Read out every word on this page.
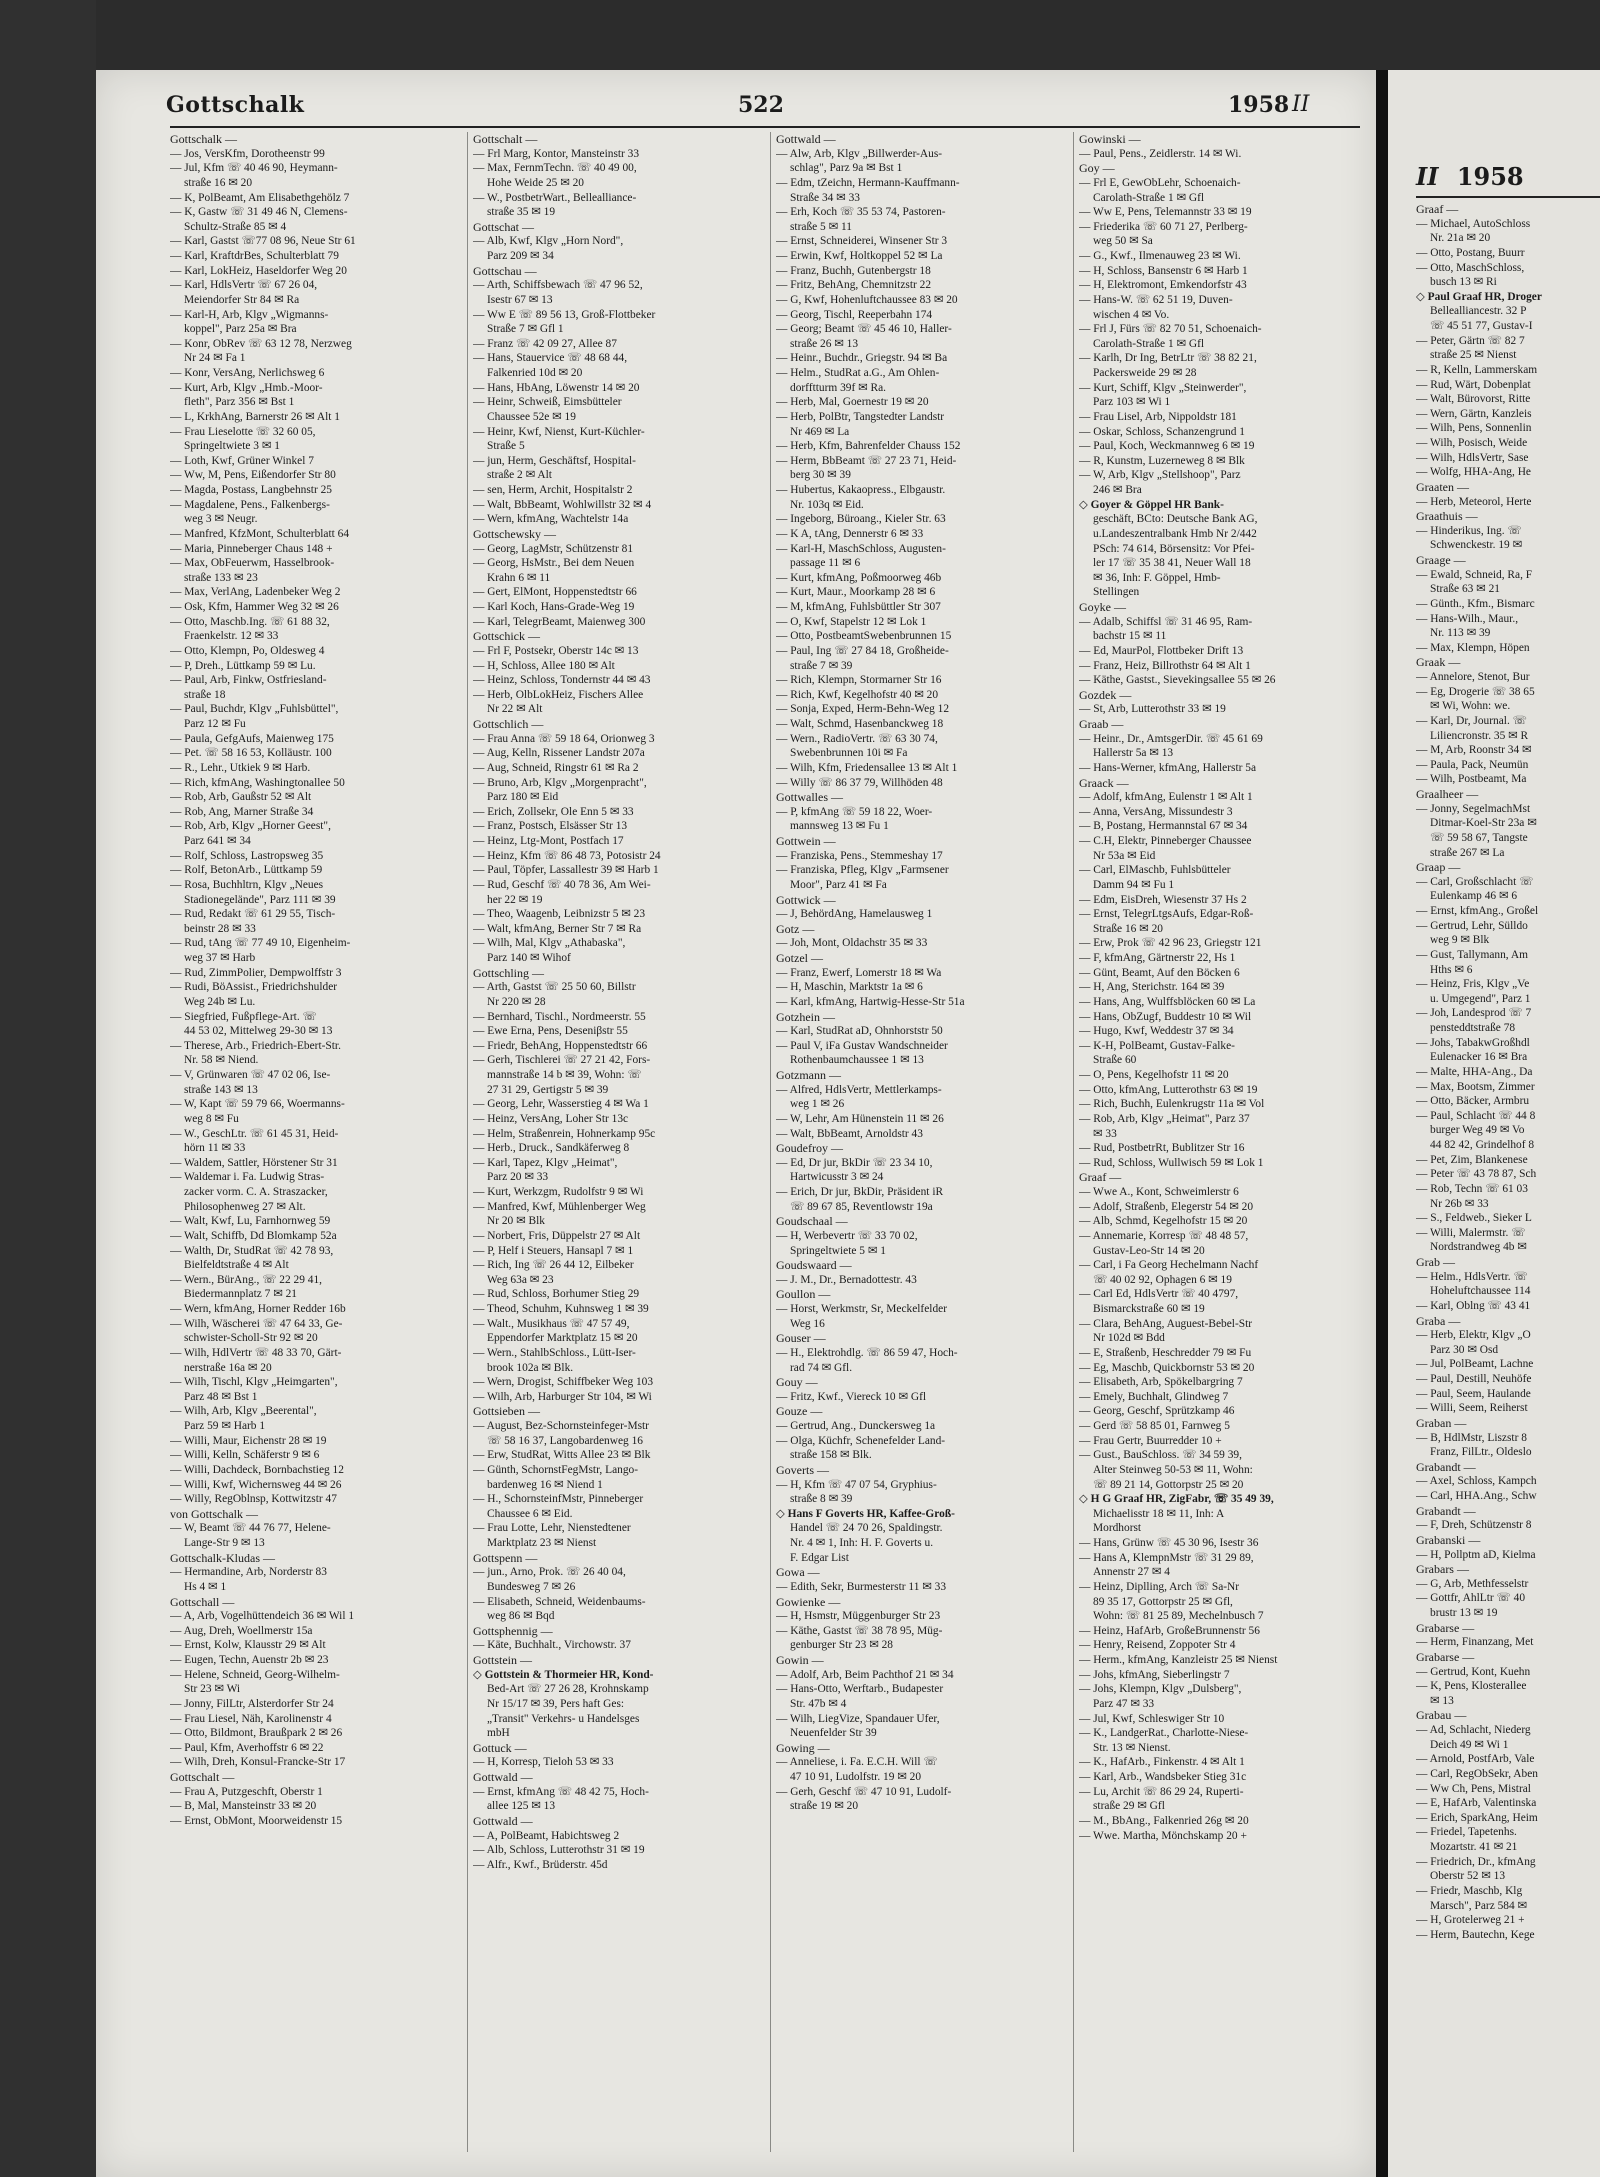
Graaf —
— Michael, AutoSchloss
Nr. 21a ✉ 20
— Otto, Postang, Buurr
— Otto, MaschSchloss,
busch 13 ✉ Ri
◇ Paul Graaf HR, Droger
Bellealliancestr. 32 P
☏ 45 51 77, Gustav-I
— Peter, Gärtn ☏ 82 7
straße 25 ✉ Nienst
— R, Kelln, Lammerskam
— Rud, Wärt, Dobenplat
— Walt, Bürovorst, Ritte
— Wern, Gärtn, Kanzleis
— Wilh, Pens, Sonnenlin
— Wilh, Posisch, Weide
— Wilh, HdlsVertr, Sase
— Wolfg, HHA-Ang, He
Graaten —
— Herb, Meteorol, Herte
Graathuis —
— Hinderikus, Ing. ☏
Schwenckestr. 19 ✉
Graage —
— Ewald, Schneid, Ra, F
Straße 63 ✉ 21
— Günth., Kfm., Bismarc
— Hans-Wilh., Maur.,
Nr. 113 ✉ 39
— Max, Klempn, Höpen
Graak —
— Annelore, Stenot, Bur
— Eg, Drogerie ☏ 38 65
✉ Wi, Wohn: we.
— Karl, Dr, Journal. ☏
Liliencronstr. 35 ✉ R
— M, Arb, Roonstr 34 ✉
— Paula, Pack, Neumün
— Wilh, Postbeamt, Ma
Graalheer —
— Jonny, SegelmachMst
Ditmar-Koel-Str 23a ✉
☏ 59 58 67, Tangste
straße 267 ✉ La
Graap —
— Carl, Großschlacht ☏
Eulenkamp 46 ✉ 6
— Ernst, kfmAng., Großel
— Gertrud, Lehr, Sülldo
weg 9 ✉ Blk
— Gust, Tallymann, Am
Hths ✉ 6
— Heinz, Fris, Klgv „Ve
u. Umgegend", Parz 1
— Joh, Landesprod ☏ 7
pensteddtstraße 78
— Johs, TabakwGroßhdl
Eulenacker 16 ✉ Bra
— Malte, HHA-Ang., Da
— Max, Bootsm, Zimmer
— Otto, Bäcker, Armbru
— Paul, Schlacht ☏ 44 8
burger Weg 49 ✉ Vo
44 82 42, Grindelhof 8
— Pet, Zim, Blankenese
— Peter ☏ 43 78 87, Sch
— Rob, Techn ☏ 61 03
Nr 26b ✉ 33
— S., Feldweb., Sieker L
— Willi, Malermstr. ☏
Nordstrandweg 4b ✉
Grab —
— Helm., HdlsVertr. ☏
Hoheluftchaussee 114
— Karl, Oblng ☏ 43 41
Graba —
— Herb, Elektr, Klgv „O
Parz 30 ✉ Osd
— Jul, PolBeamt, Lachne
— Paul, Destill, Neuhöfe
— Paul, Seem, Haulande
— Willi, Seem, Reiherst
Graban —
— B, HdlMstr, Liszstr 8
Franz, FilLtr., Oldeslo
Grabandt —
— Axel, Schloss, Kampch
— Carl, HHA.Ang., Schw
Grabandt —
— F, Dreh, Schützenstr 8
Grabanski —
— H, Pollptm aD, Kielma
Grabars —
— G, Arb, Methfesselstr
— Gottfr, AhlLtr ☏ 40
brustr 13 ✉ 19
Grabarse —
— Herm, Finanzang, Met
Grabarse —
— Gertrud, Kont, Kuehn
— K, Pens, Klosterallee
✉ 13
Grabau —
— Ad, Schlacht, Niederg
Deich 49 ✉ Wi 1
— Arnold, PostfArb, Vale
— Carl, RegObSekr, Aben
— Ww Ch, Pens, Mistral
— E, HafArb, Valentinska
— Erich, SparkAng, Heim
— Friedel, Tapetenhs.
Mozartstr. 41 ✉ 21
— Friedrich, Dr., kfmAng
Oberstr 52 ✉ 13
— Friedr, Maschb, Klg
Marsch", Parz 584 ✉
— H, Grotelerweg 21 +
— Herm, Bautechn, Kege
II 1958
Gottschalk	522	1958 II
Gottschalk —
— Jos, VersKfm, Dorotheenstr 99
— Jul, Kfm ☏ 40 46 90, Heymann-
straße 16 ✉ 20
— K, PolBeamt, Am Elisabethgehölz 7
— K, Gastw ☏ 31 49 46 N, Clemens-
Schultz-Straße 85 ✉ 4
— Karl, Gastst ☏77 08 96, Neue Str 61
— Karl, KraftdrBes, Schulterblatt 79
— Karl, LokHeiz, Haseldorfer Weg 20
— Karl, HdlsVertr ☏ 67 26 04,
Meiendorfer Str 84 ✉ Ra
— Karl-H, Arb, Klgv „Wigmanns-
koppel", Parz 25a ✉ Bra
— Konr, ObRev ☏ 63 12 78, Nerzweg
Nr 24 ✉ Fa 1
— Konr, VersAng, Nerlichsweg 6
— Kurt, Arb, Klgv „Hmb.-Moor-
fleth", Parz 356 ✉ Bst 1
— L, KrkhAng, Barnerstr 26 ✉ Alt 1
— Frau Lieselotte ☏ 32 60 05,
Springeltwiete 3 ✉ 1
— Loth, Kwf, Grüner Winkel 7
— Ww, M, Pens, Eißendorfer Str 80
— Magda, Postass, Langbehnstr 25
— Magdalene, Pens., Falkenbergs-
weg 3 ✉ Neugr.
— Manfred, KfzMont, Schulterblatt 64
— Maria, Pinneberger Chaus 148 +
— Max, ObFeuerwm, Hasselbrook-
straße 133 ✉ 23
— Max, VerlAng, Ladenbeker Weg 2
— Osk, Kfm, Hammer Weg 32 ✉ 26
— Otto, Maschb.Ing. ☏ 61 88 32,
Fraenkelstr. 12 ✉ 33
— Otto, Klempn, Po, Oldesweg 4
— P, Dreh., Lüttkamp 59 ✉ Lu.
— Paul, Arb, Finkw, Ostfriesland-
straße 18
— Paul, Buchdr, Klgv „Fuhlsbüttel",
Parz 12 ✉ Fu
— Paula, GefgAufs, Maienweg 175
— Pet. ☏ 58 16 53, Kolläustr. 100
— R., Lehr., Utkiek 9 ✉ Harb.
— Rich, kfmAng, Washingtonallee 50
— Rob, Arb, Gaußstr 52 ✉ Alt
— Rob, Ang, Marner Straße 34
— Rob, Arb, Klgv „Horner Geest",
Parz 641 ✉ 34
— Rolf, Schloss, Lastropsweg 35
— Rolf, BetonArb., Lüttkamp 59
— Rosa, Buchhltrn, Klgv „Neues
Stadionegelände", Parz 111 ✉ 39
— Rud, Redakt ☏ 61 29 55, Tisch-
beinstr 28 ✉ 33
— Rud, tAng ☏ 77 49 10, Eigenheim-
weg 37 ✉ Harb
— Rud, ZimmPolier, Dempwolffstr 3
— Rudi, BöAssist., Friedrichshulder
Weg 24b ✉ Lu.
— Siegfried, Fußpflege-Art. ☏
44 53 02, Mittelweg 29-30 ✉ 13
— Therese, Arb., Friedrich-Ebert-Str.
Nr. 58 ✉ Niend.
— V, Grünwaren ☏ 47 02 06, Ise-
straße 143 ✉ 13
— W, Kapt ☏ 59 79 66, Woermanns-
weg 8 ✉ Fu
— W., GeschLtr. ☏ 61 45 31, Heid-
hörn 11 ✉ 33
— Waldem, Sattler, Hörstener Str 31
— Waldemar i. Fa. Ludwig Stras-
zacker vorm. C. A. Straszacker,
Philosophenweg 27 ✉ Alt.
— Walt, Kwf, Lu, Farnhornweg 59
— Walt, Schiffb, Dd Blomkamp 52a
— Walth, Dr, StudRat ☏ 42 78 93,
Bielfeldtstraße 4 ✉ Alt
— Wern., BürAng., ☏ 22 29 41,
Biedermannplatz 7 ✉ 21
— Wern, kfmAng, Horner Redder 16b
— Wilh, Wäscherei ☏ 47 64 33, Ge-
schwister-Scholl-Str 92 ✉ 20
— Wilh, HdlVertr ☏ 48 33 70, Gärt-
nerstraße 16a ✉ 20
— Wilh, Tischl, Klgv „Heimgarten",
Parz 48 ✉ Bst 1
— Wilh, Arb, Klgv „Beerental",
Parz 59 ✉ Harb 1
— Willi, Maur, Eichenstr 28 ✉ 19
— Willi, Kelln, Schäferstr 9 ✉ 6
— Willi, Dachdeck, Bornbachstieg 12
— Willi, Kwf, Wichernsweg 44 ✉ 26
— Willy, RegOblnsp, Kottwitzstr 47
von Gottschalk —
— W, Beamt ☏ 44 76 77, Helene-
Lange-Str 9 ✉ 13
Gottschalk-Kludas —
— Hermandine, Arb, Norderstr 83
Hs 4 ✉ 1
Gottschall —
— A, Arb, Vogelhüttendeich 36 ✉ Wil 1
— Aug, Dreh, Woellmerstr 15a
— Ernst, Kolw, Klausstr 29 ✉ Alt
— Eugen, Techn, Auenstr 2b ✉ 23
— Helene, Schneid, Georg-Wilhelm-
Str 23 ✉ Wi
— Jonny, FilLtr, Alsterdorfer Str 24
— Frau Liesel, Näh, Karolinenstr 4
— Otto, Bildmont, Braußpark 2 ✉ 26
— Paul, Kfm, Averhoffstr 6 ✉ 22
— Wilh, Dreh, Konsul-Francke-Str 17
Gottschalt —
— Frau A, Putzgeschft, Oberstr 1
— B, Mal, Mansteinstr 33 ✉ 20
— Ernst, ObMont, Moorweidenstr 15
Gottschalt —
— Frl Marg, Kontor, Mansteinstr 33
— Max, FernmTechn. ☏ 40 49 00,
Hohe Weide 25 ✉ 20
— W., PostbetrWart., Bellealliance-
straße 35 ✉ 19
Gottschat —
— Alb, Kwf, Klgv „Horn Nord",
Parz 209 ✉ 34
Gottschau —
— Arth, Schiffsbewach ☏ 47 96 52,
Isestr 67 ✉ 13
— Ww E ☏ 89 56 13, Groß-Flottbeker
Straße 7 ✉ Gfl 1
— Franz ☏ 42 09 27, Allee 87
— Hans, Stauervice ☏ 48 68 44,
Falkenried 10d ✉ 20
— Hans, HbAng, Löwenstr 14 ✉ 20
— Heinr, Schweiß, Eimsbütteler
Chaussee 52e ✉ 19
— Heinr, Kwf, Nienst, Kurt-Küchler-
Straße 5
— jun, Herm, Geschäftsf, Hospital-
straße 2 ✉ Alt
— sen, Herm, Archit, Hospitalstr 2
— Walt, BbBeamt, Wohlwillstr 32 ✉ 4
— Wern, kfmAng, Wachtelstr 14a
Gottschewsky —
— Georg, LagMstr, Schützenstr 81
— Georg, HsMstr., Bei dem Neuen
Krahn 6 ✉ 11
— Gert, ElMont, Hoppenstedtstr 66
— Karl Koch, Hans-Grade-Weg 19
— Karl, TelegrBeamt, Maienweg 300
Gottschick —
— Frl F, Postsekr, Oberstr 14c ✉ 13
— H, Schloss, Allee 180 ✉ Alt
— Heinz, Schloss, Tondernstr 44 ✉ 43
— Herb, OlbLokHeiz, Fischers Allee
Nr 22 ✉ Alt
Gottschlich —
— Frau Anna ☏ 59 18 64, Orionweg 3
— Aug, Kelln, Rissener Landstr 207a
— Aug, Schneid, Ringstr 61 ✉ Ra 2
— Bruno, Arb, Klgv „Morgenpracht",
Parz 180 ✉ Eid
— Erich, Zollsekr, Ole Enn 5 ✉ 33
— Franz, Postsch, Elsässer Str 13
— Heinz, Ltg-Mont, Postfach 17
— Heinz, Kfm ☏ 86 48 73, Potosistr 24
— Paul, Töpfer, Lassallestr 39 ✉ Harb 1
— Rud, Geschf ☏ 40 78 36, Am Wei-
her 22 ✉ 19
— Theo, Waagenb, Leibnizstr 5 ✉ 23
— Walt, kfmAng, Berner Str 7 ✉ Ra
— Wilh, Mal, Klgv „Athabaska",
Parz 140 ✉ Wihof
Gottschling —
— Arth, Gastst ☏ 25 50 60, Billstr
Nr 220 ✉ 28
— Bernhard, Tischl., Nordmeerstr. 55
— Ewe Erna, Pens, Deseniβstr 55
— Friedr, BehAng, Hoppenstedtstr 66
— Gerh, Tischlerei ☏ 27 21 42, Fors-
mannstraße 14 b ✉ 39, Wohn: ☏
27 31 29, Gertigstr 5 ✉ 39
— Georg, Lehr, Wasserstieg 4 ✉ Wa 1
— Heinz, VersAng, Loher Str 13c
— Helm, Straßenrein, Hohnerkamp 95c
— Herb., Druck., Sandkäferweg 8
— Karl, Tapez, Klgv „Heimat",
Parz 20 ✉ 33
— Kurt, Werkzgm, Rudolfstr 9 ✉ Wi
— Manfred, Kwf, Mühlenberger Weg
Nr 20 ✉ Blk
— Norbert, Fris, Düppelstr 27 ✉ Alt
— P, Helf i Steuers, Hansapl 7 ✉ 1
— Rich, Ing ☏ 26 44 12, Eilbeker
Weg 63a ✉ 23
— Rud, Schloss, Borhumer Stieg 29
— Theod, Schuhm, Kuhnsweg 1 ✉ 39
— Walt., Musikhaus ☏ 47 57 49,
Eppendorfer Marktplatz 15 ✉ 20
— Wern., StahlbSchloss., Lütt-Iser-
brook 102a ✉ Blk.
— Wern, Drogist, Schiffbeker Weg 103
— Wilh, Arb, Harburger Str 104, ✉ Wi
Gottsieben —
— August, Bez-Schornsteinfeger-Mstr
☏ 58 16 37, Langobardenweg 16
— Erw, StudRat, Witts Allee 23 ✉ Blk
— Günth, SchornstFegMstr, Lango-
bardenweg 16 ✉ Niend 1
— H., SchornsteinfMstr, Pinneberger
Chaussee 6 ✉ Eid.
— Frau Lotte, Lehr, Nienstedtener
Marktplatz 23 ✉ Nienst
Gottspenn —
— jun., Arno, Prok. ☏ 26 40 04,
Bundesweg 7 ✉ 26
— Elisabeth, Schneid, Weidenbaums-
weg 86 ✉ Bqd
Gottsphennig —
— Käte, Buchhalt., Virchowstr. 37
Gottstein —
◇ Gottstein & Thormeier HR, Kond-
Bed-Art ☏ 27 26 28, Krohnskamp
Nr 15/17 ✉ 39, Pers haft Ges:
„Transit" Verkehrs- u Handelsges
mbH
Gottuck —
— H, Korresp, Tieloh 53 ✉ 33
Gottwald —
— Ernst, kfmAng ☏ 48 42 75, Hoch-
allee 125 ✉ 13
Gottwald —
— A, PolBeamt, Habichtsweg 2
— Alb, Schloss, Lutterothstr 31 ✉ 19
— Alfr., Kwf., Brüderstr. 45d
Gottwald —
— Alw, Arb, Klgv „Billwerder-Aus-
schlag", Parz 9a ✉ Bst 1
— Edm, tZeichn, Hermann-Kauffmann-
Straße 34 ✉ 33
— Erh, Koch ☏ 35 53 74, Pastoren-
straße 5 ✉ 11
— Ernst, Schneiderei, Winsener Str 3
— Erwin, Kwf, Holtkoppel 52 ✉ La
— Franz, Buchh, Gutenbergstr 18
— Fritz, BehAng, Chemnitzstr 22
— G, Kwf, Hohenluftchaussee 83 ✉ 20
— Georg, Tischl, Reeperbahn 174
— Georg; Beamt ☏ 45 46 10, Haller-
straße 26 ✉ 13
— Heinr., Buchdr., Griegstr. 94 ✉ Ba
— Helm., StudRat a.G., Am Ohlen-
dorfftturm 39f ✉ Ra.
— Herb, Mal, Goernestr 19 ✉ 20
— Herb, PolBtr, Tangstedter Landstr
Nr 469 ✉ La
— Herb, Kfm, Bahrenfelder Chauss 152
— Herm, BbBeamt ☏ 27 23 71, Heid-
berg 30 ✉ 39
— Hubertus, Kakaopress., Elbgaustr.
Nr. 103q ✉ Eid.
— Ingeborg, Büroang., Kieler Str. 63
— K A, tAng, Dennerstr 6 ✉ 33
— Karl-H, MaschSchloss, Augusten-
passage 11 ✉ 6
— Kurt, kfmAng, Poßmoorweg 46b
— Kurt, Maur., Moorkamp 28 ✉ 6
— M, kfmAng, Fuhlsbüttler Str 307
— O, Kwf, Stapelstr 12 ✉ Lok 1
— Otto, PostbeamtSwebenbrunnen 15
— Paul, Ing ☏ 27 84 18, Großheide-
straße 7 ✉ 39
— Rich, Klempn, Stormarner Str 16
— Rich, Kwf, Kegelhofstr 40 ✉ 20
— Sonja, Exped, Herm-Behn-Weg 12
— Walt, Schmd, Hasenbanckweg 18
— Wern., RadioVertr. ☏ 63 30 74,
Swebenbrunnen 10i ✉ Fa
— Wilh, Kfm, Friedensallee 13 ✉ Alt 1
— Willy ☏ 86 37 79, Willhöden 48
Gottwalles —
— P, kfmAng ☏ 59 18 22, Woer-
mannsweg 13 ✉ Fu 1
Gottwein —
— Franziska, Pens., Stemmeshay 17
— Franziska, Pfleg, Klgv „Farmsener
Moor", Parz 41 ✉ Fa
Gottwick —
— J, BehördAng, Hamelausweg 1
Gotz —
— Joh, Mont, Oldachstr 35 ✉ 33
Gotzel —
— Franz, Ewerf, Lomerstr 18 ✉ Wa
— H, Maschin, Marktstr 1a ✉ 6
— Karl, kfmAng, Hartwig-Hesse-Str 51a
Gotzhein —
— Karl, StudRat aD, Ohnhorststr 50
— Paul V, iFa Gustav Wandschneider
Rothenbaumchaussee 1 ✉ 13
Gotzmann —
— Alfred, HdlsVertr, Mettlerkamps-
weg 1 ✉ 26
— W, Lehr, Am Hünenstein 11 ✉ 26
— Walt, BbBeamt, Arnoldstr 43
Goudefroy —
— Ed, Dr jur, BkDir ☏ 23 34 10,
Hartwicusstr 3 ✉ 24
— Erich, Dr jur, BkDir, Präsident iR
☏ 89 67 85, Reventlowstr 19a
Goudschaal —
— H, Werbevertr ☏ 33 70 02,
Springeltwiete 5 ✉ 1
Goudswaard —
— J. M., Dr., Bernadottestr. 43
Goullon —
— Horst, Werkmstr, Sr, Meckelfelder
Weg 16
Gouser —
— H., Elektrohdlg. ☏ 86 59 47, Hoch-
rad 74 ✉ Gfl.
Gouy —
— Fritz, Kwf., Viereck 10 ✉ Gfl
Gouze —
— Gertrud, Ang., Dunckersweg 1a
— Olga, Küchfr, Schenefelder Land-
straße 158 ✉ Blk.
Goverts —
— H, Kfm ☏ 47 07 54, Gryphius-
straße 8 ✉ 39
◇ Hans F Goverts HR, Kaffee-Groß-
Handel ☏ 24 70 26, Spaldingstr.
Nr. 4 ✉ 1, Inh: H. F. Goverts u.
F. Edgar List
Gowa —
— Edith, Sekr, Burmesterstr 11 ✉ 33
Gowienke —
— H, Hsmstr, Müggenburger Str 23
— Käthe, Gastst ☏ 38 78 95, Müg-
genburger Str 23 ✉ 28
Gowin —
— Adolf, Arb, Beim Pachthof 21 ✉ 34
— Hans-Otto, Werftarb., Budapester
Str. 47b ✉ 4
— Wilh, LiegVize, Spandauer Ufer,
Neuenfelder Str 39
Gowing —
— Anneliese, i. Fa. E.C.H. Will ☏
47 10 91, Ludolfstr. 19 ✉ 20
— Gerh, Geschf ☏ 47 10 91, Ludolf-
straße 19 ✉ 20
Gowinski —
— Paul, Pens., Zeidlerstr. 14 ✉ Wi.
Goy —
— Frl E, GewObLehr, Schoenaich-
Carolath-Straße 1 ✉ Gfl
— Ww E, Pens, Telemannstr 33 ✉ 19
— Friederika ☏ 60 71 27, Perlberg-
weg 50 ✉ Sa
— G., Kwf., Ilmenauweg 23 ✉ Wi.
— H, Schloss, Bansenstr 6 ✉ Harb 1
— H, Elektromont, Emkendorfstr 43
— Hans-W. ☏ 62 51 19, Duven-
wischen 4 ✉ Vo.
— Frl J, Fürs ☏ 82 70 51, Schoenaich-
Carolath-Straße 1 ✉ Gfl
— Karlh, Dr Ing, BetrLtr ☏ 38 82 21,
Packersweide 29 ✉ 28
— Kurt, Schiff, Klgv „Steinwerder",
Parz 103 ✉ Wi 1
— Frau Lisel, Arb, Nippoldstr 181
— Oskar, Schloss, Schanzengrund 1
— Paul, Koch, Weckmannweg 6 ✉ 19
— R, Kunstm, Luzerneweg 8 ✉ Blk
— W, Arb, Klgv „Stellshoop", Parz
246 ✉ Bra
◇ Goyer & Göppel HR Bank-
geschäft, BCto: Deutsche Bank AG,
u.Landeszentralbank Hmb Nr 2/442
PSch: 74 614, Börsensitz: Vor Pfei-
ler 17 ☏ 35 38 41, Neuer Wall 18
✉ 36, Inh: F. Göppel, Hmb-
Stellingen
Goyke —
— Adalb, Schiffsl ☏ 31 46 95, Ram-
bachstr 15 ✉ 11
— Ed, MaurPol, Flottbeker Drift 13
— Franz, Heiz, Billrothstr 64 ✉ Alt 1
— Käthe, Gastst., Sievekingsallee 55 ✉ 26
Gozdek —
— St, Arb, Lutterothstr 33 ✉ 19
Graab —
— Heinr., Dr., AmtsgerDir. ☏ 45 61 69
Hallerstr 5a ✉ 13
— Hans-Werner, kfmAng, Hallerstr 5a
Graack —
— Adolf, kfmAng, Eulenstr 1 ✉ Alt 1
— Anna, VersAng, Missundestr 3
— B, Postang, Hermannstal 67 ✉ 34
— C.H, Elektr, Pinneberger Chaussee
Nr 53a ✉ Eid
— Carl, ElMaschb, Fuhlsbütteler
Damm 94 ✉ Fu 1
— Edm, EisDreh, Wiesenstr 37 Hs 2
— Ernst, TelegrLtgsAufs, Edgar-Roß-
Straße 16 ✉ 20
— Erw, Prok ☏ 42 96 23, Griegstr 121
— F, kfmAng, Gärtnerstr 22, Hs 1
— Günt, Beamt, Auf den Böcken 6
— H, Ang, Sterichstr. 164 ✉ 39
— Hans, Ang, Wulffsblöcken 60 ✉ La
— Hans, ObZugf, Buddestr 10 ✉ Wil
— Hugo, Kwf, Weddestr 37 ✉ 34
— K-H, PolBeamt, Gustav-Falke-
Straße 60
— O, Pens, Kegelhofstr 11 ✉ 20
— Otto, kfmAng, Lutterothstr 63 ✉ 19
— Rich, Buchh, Eulenkrugstr 11a ✉ Vol
— Rob, Arb, Klgv „Heimat", Parz 37
✉ 33
— Rud, PostbetrRt, Bublitzer Str 16
— Rud, Schloss, Wullwisch 59 ✉ Lok 1
Graaf —
— Wwe A., Kont, Schweimlerstr 6
— Adolf, Straßenb, Elegerstr 54 ✉ 20
— Alb, Schmd, Kegelhofstr 15 ✉ 20
— Annemarie, Korresp ☏ 48 48 57,
Gustav-Leo-Str 14 ✉ 20
— Carl, i Fa Georg Hechelmann Nachf
☏ 40 02 92, Ophagen 6 ✉ 19
— Carl Ed, HdlsVertr ☏ 40 4797,
Bismarckstraße 60 ✉ 19
— Clara, BehAng, Auguest-Bebel-Str
Nr 102d ✉ Bdd
— E, Straßenb, Heschredder 79 ✉ Fu
— Eg, Maschb, Quickbornstr 53 ✉ 20
— Elisabeth, Arb, Spökelbargring 7
— Emely, Buchhalt, Glindweg 7
— Georg, Geschf, Sprützkamp 46
— Gerd ☏ 58 85 01, Farnweg 5
— Frau Gertr, Buurredder 10 +
— Gust., BauSchloss. ☏ 34 59 39,
Alter Steinweg 50-53 ✉ 11, Wohn:
☏ 89 21 14, Gottorpstr 25 ✉ 20
◇ H G Graaf HR, ZigFabr, ☏ 35 49 39,
Michaelisstr 18 ✉ 11, Inh: A
Mordhorst
— Hans, Grünw ☏ 45 30 96, Isestr 36
— Hans A, KlempnMstr ☏ 31 29 89,
Annenstr 27 ✉ 4
— Heinz, Diplling, Arch ☏ Sa-Nr
89 35 17, Gottorpstr 25 ✉ Gfl,
Wohn: ☏ 81 25 89, Mechelnbusch 7
— Heinz, HafArb, GroßeBrunnenstr 56
— Henry, Reisend, Zoppoter Str 4
— Herm., kfmAng, Kanzleistr 25 ✉ Nienst
— Johs, kfmAng, Sieberlingstr 7
— Johs, Klempn, Klgv „Dulsberg",
Parz 47 ✉ 33
— Jul, Kwf, Schleswiger Str 10
— K., LandgerRat., Charlotte-Niese-
Str. 13 ✉ Nienst.
— K., HafArb., Finkenstr. 4 ✉ Alt 1
— Karl, Arb., Wandsbeker Stieg 31c
— Lu, Archit ☏ 86 29 24, Ruperti-
straße 29 ✉ Gfl
— M., BbAng., Falkenried 26g ✉ 20
— Wwe. Martha, Mönchskamp 20 +
